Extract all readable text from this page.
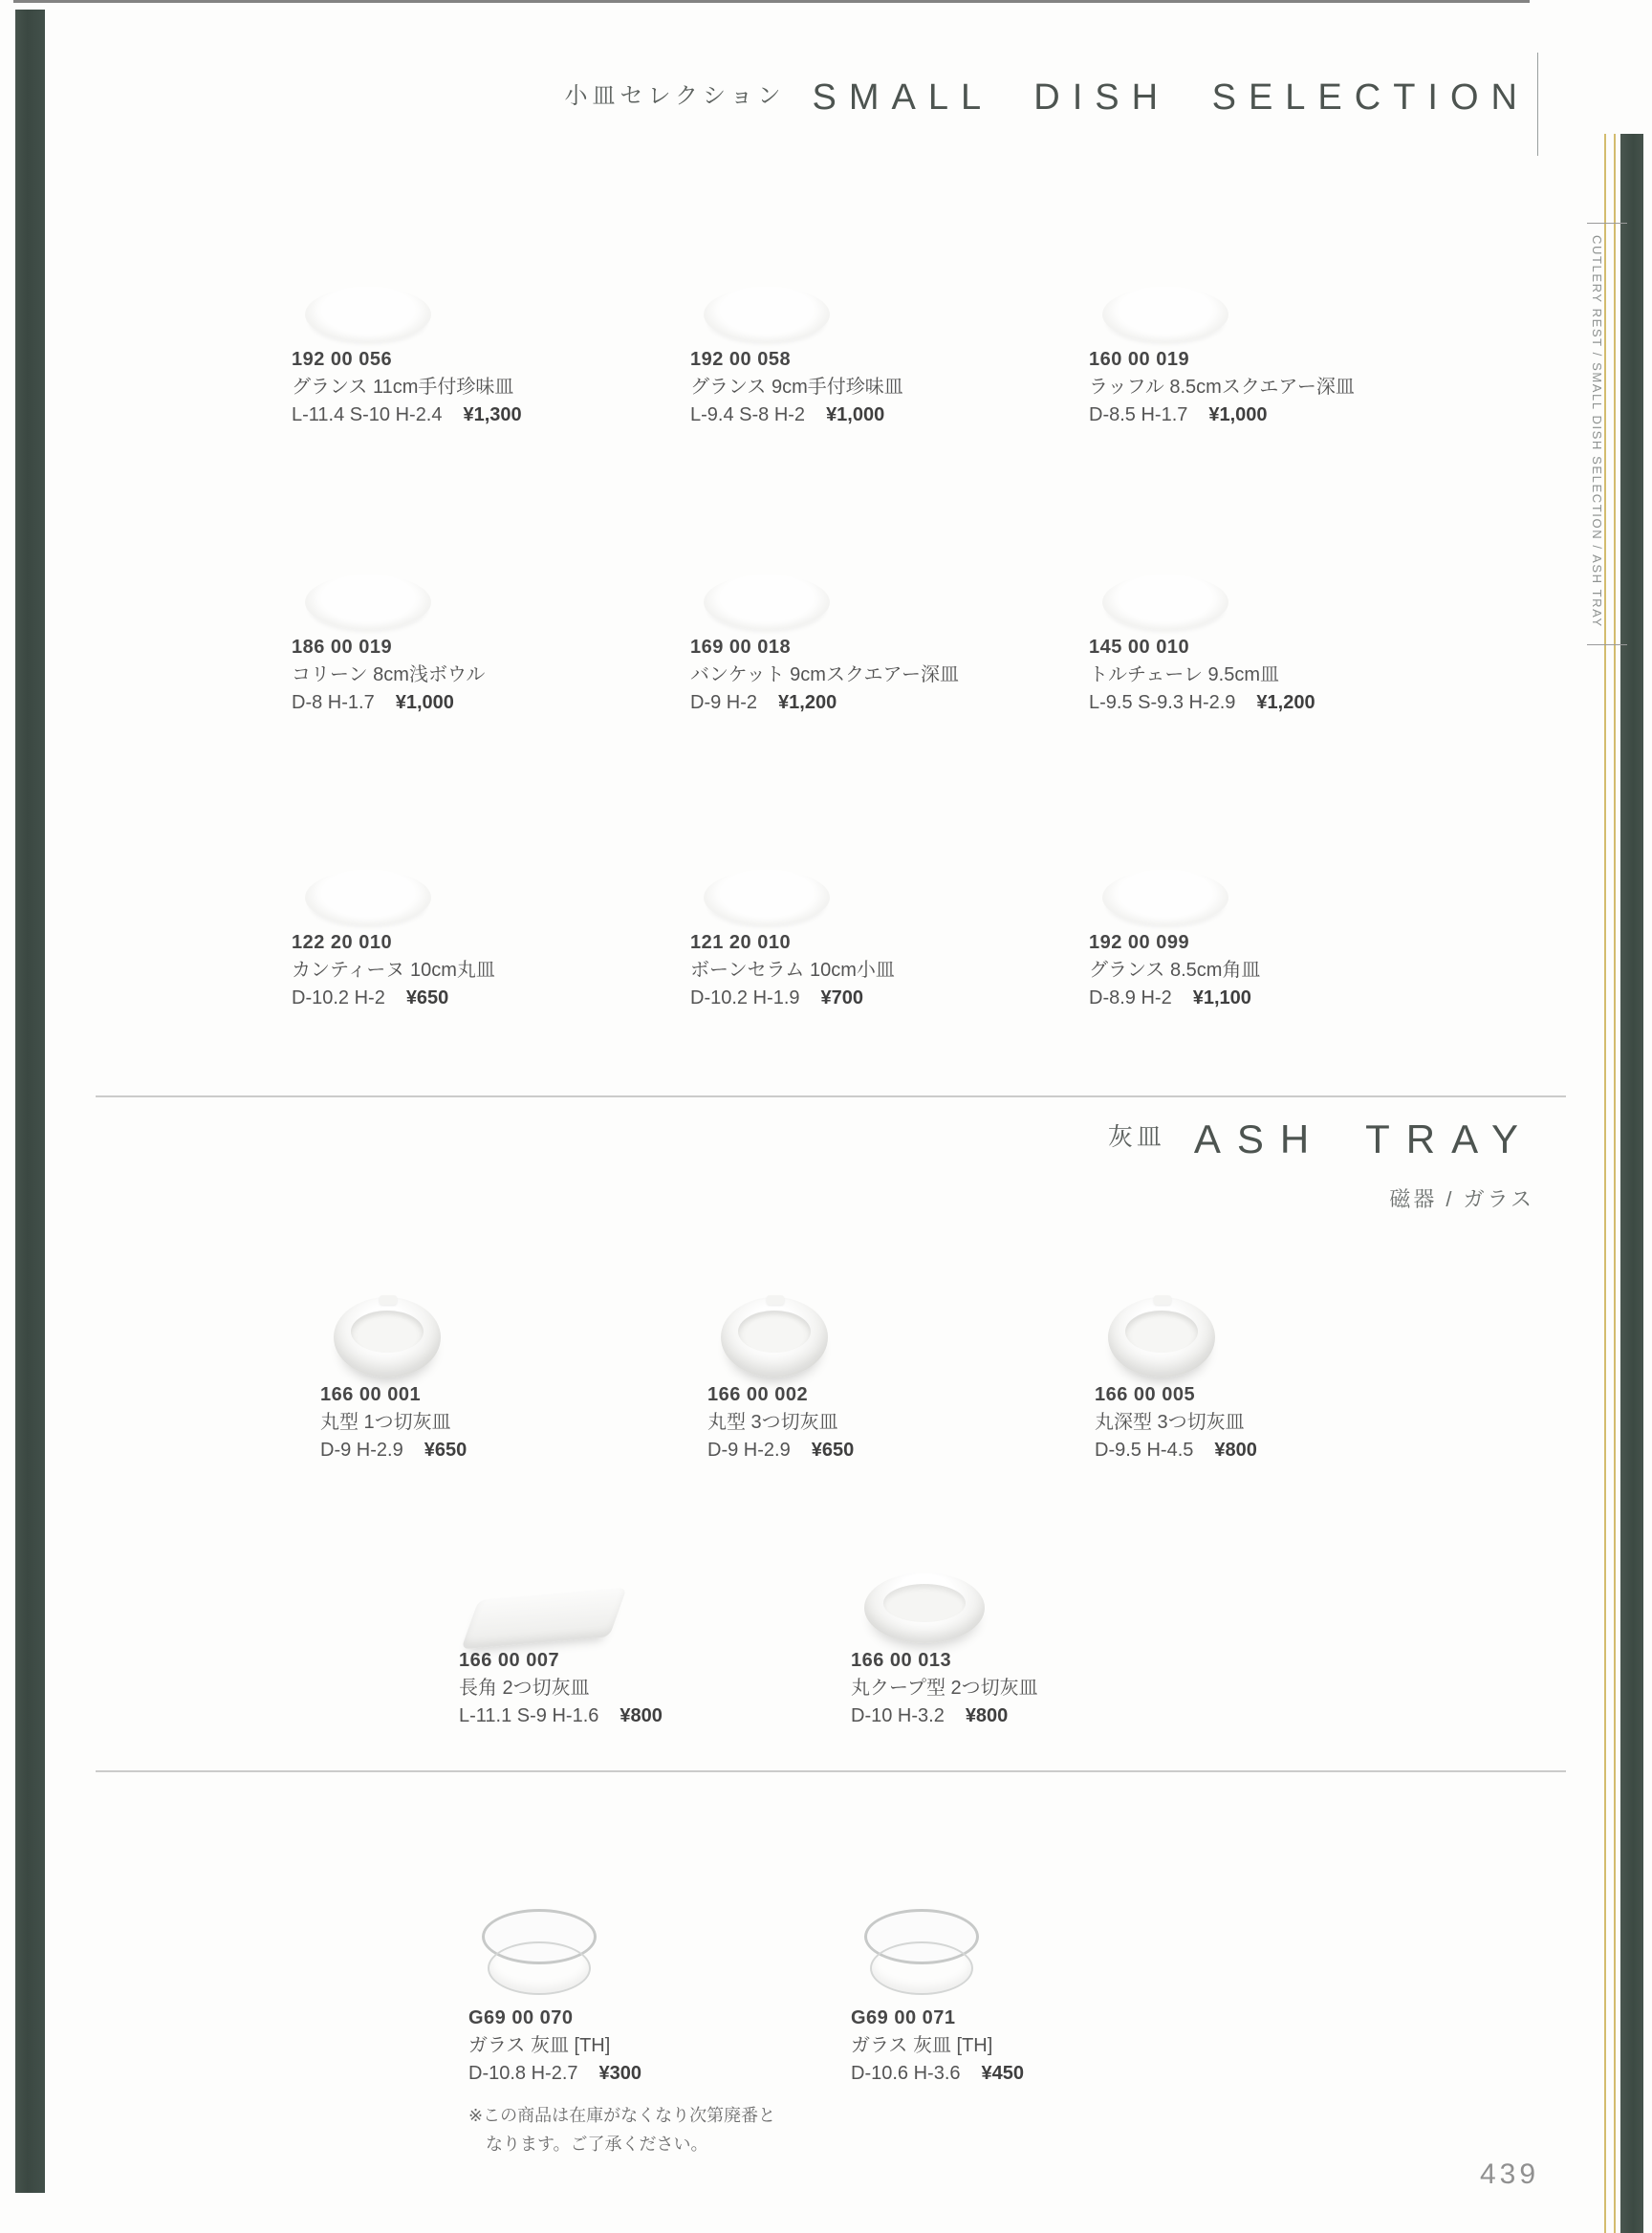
小皿セレクション SMALL DISH SELECTION
192 00 056
グランス 11cm手付珍味皿
L-11.4 S-10 H-2.4 ¥1,300
192 00 058
グランス 9cm手付珍味皿
L-9.4 S-8 H-2 ¥1,000
160 00 019
ラッフル 8.5cmスクエアー深皿
D-8.5 H-1.7 ¥1,000
186 00 019
コリーン 8cm浅ボウル
D-8 H-1.7 ¥1,000
169 00 018
バンケット 9cmスクエアー深皿
D-9 H-2 ¥1,200
145 00 010
トルチェーレ 9.5cm皿
L-9.5 S-9.3 H-2.9 ¥1,200
122 20 010
カンティーヌ 10cm丸皿
D-10.2 H-2 ¥650
121 20 010
ボーンセラム 10cm小皿
D-10.2 H-1.9 ¥700
192 00 099
グランス 8.5cm角皿
D-8.9 H-2 ¥1,100
灰皿 ASH TRAY
磁器 / ガラス
166 00 001
丸型 1つ切灰皿
D-9 H-2.9 ¥650
166 00 002
丸型 3つ切灰皿
D-9 H-2.9 ¥650
166 00 005
丸深型 3つ切灰皿
D-9.5 H-4.5 ¥800
166 00 007
長角 2つ切灰皿
L-11.1 S-9 H-1.6 ¥800
166 00 013
丸クープ型 2つ切灰皿
D-10 H-3.2 ¥800
G69 00 070
ガラス 灰皿 [TH]
D-10.8 H-2.7 ¥300
※この商品は在庫がなくなり次第廃番と
　なります。ご了承ください。
G69 00 071
ガラス 灰皿 [TH]
D-10.6 H-3.6 ¥450
CUTLERY REST / SMALL DISH SELECTION / ASH TRAY
439
